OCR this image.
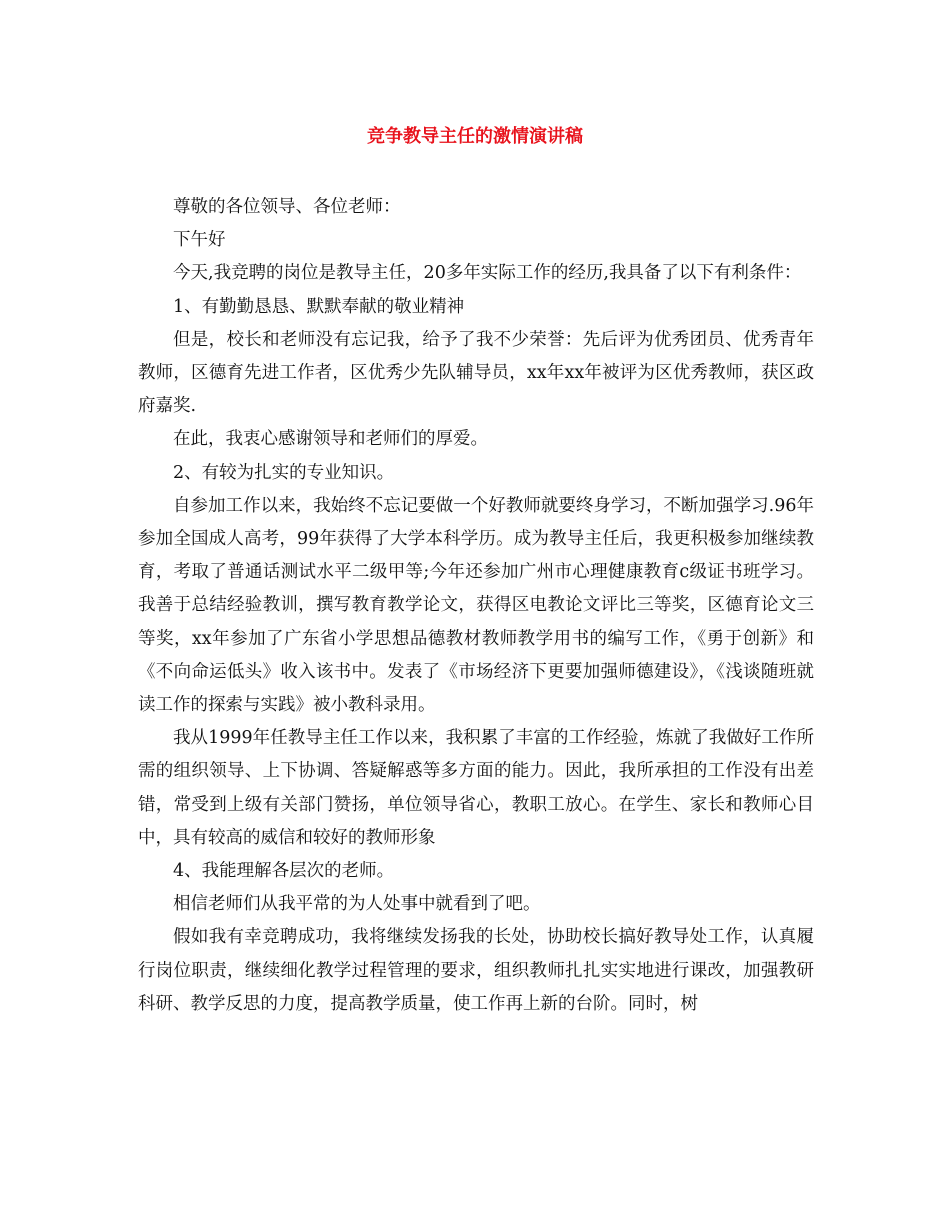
竞争教导主任的激情演讲稿

尊敬的各位领导、各位老师：

下午好

今天,我竞聘的岗位是教导主任，20多年实际工作的经历,我具备了以下有利条件：

1、有勤勤恳恳、默默奉献的敬业精神

但是，校长和老师没有忘记我，给予了我不少荣誉：先后评为优秀团员、优秀青年教师，区德育先进工作者，区优秀少先队辅导员，xx年xx年被评为区优秀教师，获区政府嘉奖.

在此，我衷心感谢领导和老师们的厚爱。

2、有较为扎实的专业知识。

自参加工作以来，我始终不忘记要做一个好教师就要终身学习，不断加强学习.96年参加全国成人高考，99年获得了大学本科学历。成为教导主任后，我更积极参加继续教育，考取了普通话测试水平二级甲等;今年还参加广州市心理健康教育c级证书班学习。我善于总结经验教训，撰写教育教学论文，获得区电教论文评比三等奖，区德育论文三等奖，xx年参加了广东省小学思想品德教材教师教学用书的编写工作，《勇于创新》和《不向命运低头》收入该书中。发表了《市场经济下更要加强师德建设》，《浅谈随班就读工作的探索与实践》被小教科录用。

我从1999年任教导主任工作以来，我积累了丰富的工作经验，炼就了我做好工作所需的组织领导、上下协调、答疑解惑等多方面的能力。因此，我所承担的工作没有出差错，常受到上级有关部门赞扬，单位领导省心，教职工放心。在学生、家长和教师心目中，具有较高的威信和较好的教师形象

4、我能理解各层次的老师。

相信老师们从我平常的为人处事中就看到了吧。

假如我有幸竞聘成功，我将继续发扬我的长处，协助校长搞好教导处工作，认真履行岗位职责，继续细化教学过程管理的要求，组织教师扎扎实实地进行课改，加强教研科研、教学反思的力度，提高教学质量，使工作再上新的台阶。同时，树
